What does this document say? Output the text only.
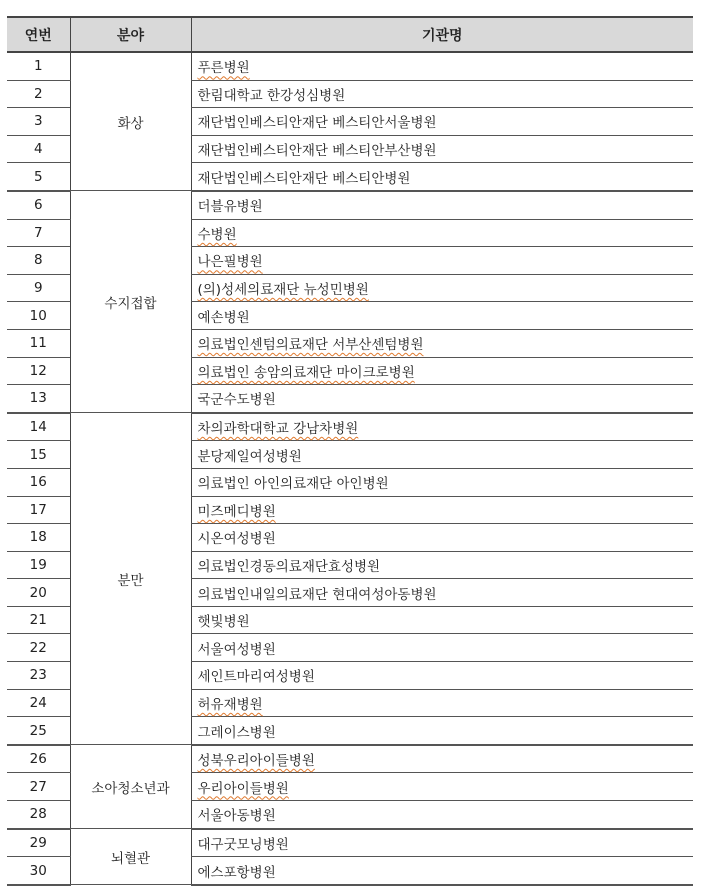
연번	분야	기관명
1	화상	푸른병원
2		한림대학교 한강성심병원
3		재단법인베스티안재단 베스티안서울병원
4		재단법인베스티안재단 베스티안부산병원
5		재단법인베스티안재단 베스티안병원
6	수지접합	더블유병원
7		수병원
8		나은필병원
9		(의)성세의료재단 뉴성민병원
10		예손병원
11		의료법인센텀의료재단 서부산센텀병원
12		의료법인 송암의료재단 마이크로병원
13		국군수도병원
14	분만	차의과학대학교 강남차병원
15		분당제일여성병원
16		의료법인 아인의료재단 아인병원
17		미즈메디병원
18		시온여성병원
19		의료법인경동의료재단효성병원
20		의료법인내일의료재단 현대여성아동병원
21		햇빛병원
22		서울여성병원
23		세인트마리여성병원
24		허유재병원
25		그레이스병원
26	소아청소년과	성북우리아이들병원
27		우리아이들병원
28		서울아동병원
29	뇌혈관	대구굿모닝병원
30		에스포항병원
